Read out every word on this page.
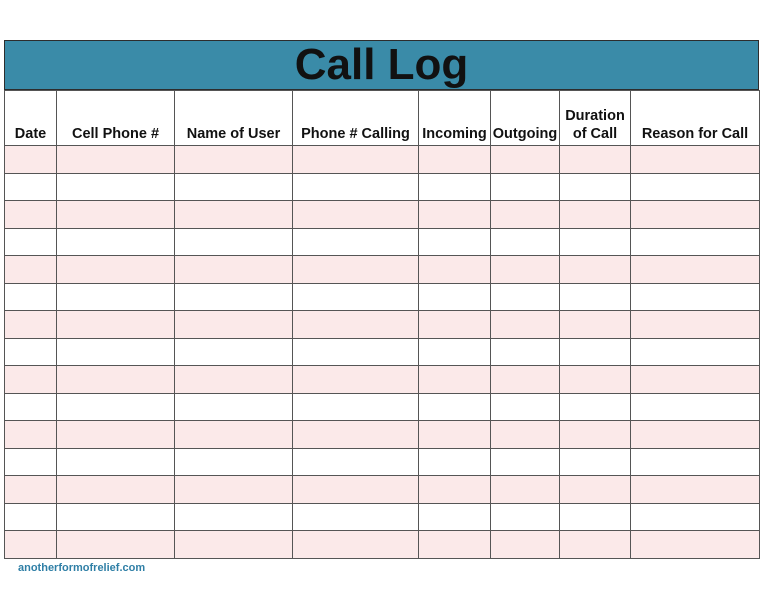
Call Log
Date	Cell Phone #	Name of User	Phone # Calling	Incoming	Outgoing	Duration of Call	Reason for Call

anotherformofrelief.com
